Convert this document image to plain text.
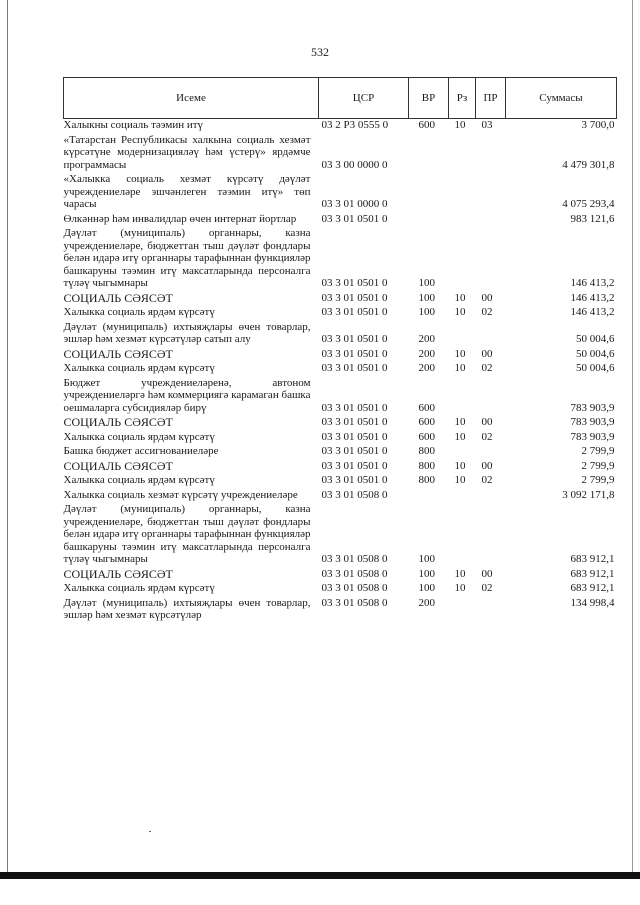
532
Исеме	ЦСР	ВР	Рз	ПР	Суммасы
Халыкны социаль тәэмин итү	03 2 Р3 0555 0	600	10	03	3 700,0
«Татарстан Республикасы халкына социаль хезмәт күрсәтүне модернизацияләү һәм үстерү» ярдәмче программасы	03 3 00 0000 0				4 479 301,8
«Халыкка социаль хезмәт күрсәтү дәүләт учреждениеләре эшчәнлеген тәэмин итү» төп чарасы	03 3 01 0000 0				4 075 293,4
Өлкәннәр һәм инвалидлар өчен интернат йортлар	03 3 01 0501 0				983 121,6
Дәүләт (муниципаль) органнары, казна учреждениеләре, бюджеттан тыш дәүләт фондлары белән идарә итү органнары тарафыннан функцияләр башкаруны тәэмин итү максатларында персоналга түләү чыгымнары	03 3 01 0501 0	100			146 413,2
СОЦИАЛЬ СӘЯСӘТ	03 3 01 0501 0	100	10	00	146 413,2
Халыкка социаль ярдәм күрсәтү	03 3 01 0501 0	100	10	02	146 413,2
Дәүләт (муниципаль) ихтыяҗлары өчен товарлар, эшләр һәм хезмәт күрсәтүләр сатып алу	03 3 01 0501 0	200			50 004,6
СОЦИАЛЬ СӘЯСӘТ	03 3 01 0501 0	200	10	00	50 004,6
Халыкка социаль ярдәм күрсәтү	03 3 01 0501 0	200	10	02	50 004,6
Бюджет учреждениеләренә, автоном учреждениеләргә һәм коммерциягә карамаган башка оешмаларга субсидияләр бирү	03 3 01 0501 0	600			783 903,9
СОЦИАЛЬ СӘЯСӘТ	03 3 01 0501 0	600	10	00	783 903,9
Халыкка социаль ярдәм күрсәтү	03 3 01 0501 0	600	10	02	783 903,9
Башка бюджет ассигнованиеләре	03 3 01 0501 0	800			2 799,9
СОЦИАЛЬ СӘЯСӘТ	03 3 01 0501 0	800	10	00	2 799,9
Халыкка социаль ярдәм күрсәтү	03 3 01 0501 0	800	10	02	2 799,9
Халыкка социаль хезмәт күрсәтү учреждениеләре	03 3 01 0508 0				3 092 171,8
Дәүләт (муниципаль) органнары, казна учреждениеләре, бюджеттан тыш дәүләт фондлары белән идарә итү органнары тарафыннан функцияләр башкаруны тәэмин итү максатларында персоналга түләү чыгымнары	03 3 01 0508 0	100			683 912,1
СОЦИАЛЬ СӘЯСӘТ	03 3 01 0508 0	100	10	00	683 912,1
Халыкка социаль ярдәм күрсәтү	03 3 01 0508 0	100	10	02	683 912,1
Дәүләт (муниципаль) ихтыяҗлары өчен товарлар, эшләр һәм хезмәт күрсәтүләр	03 3 01 0508 0	200			134 998,4
